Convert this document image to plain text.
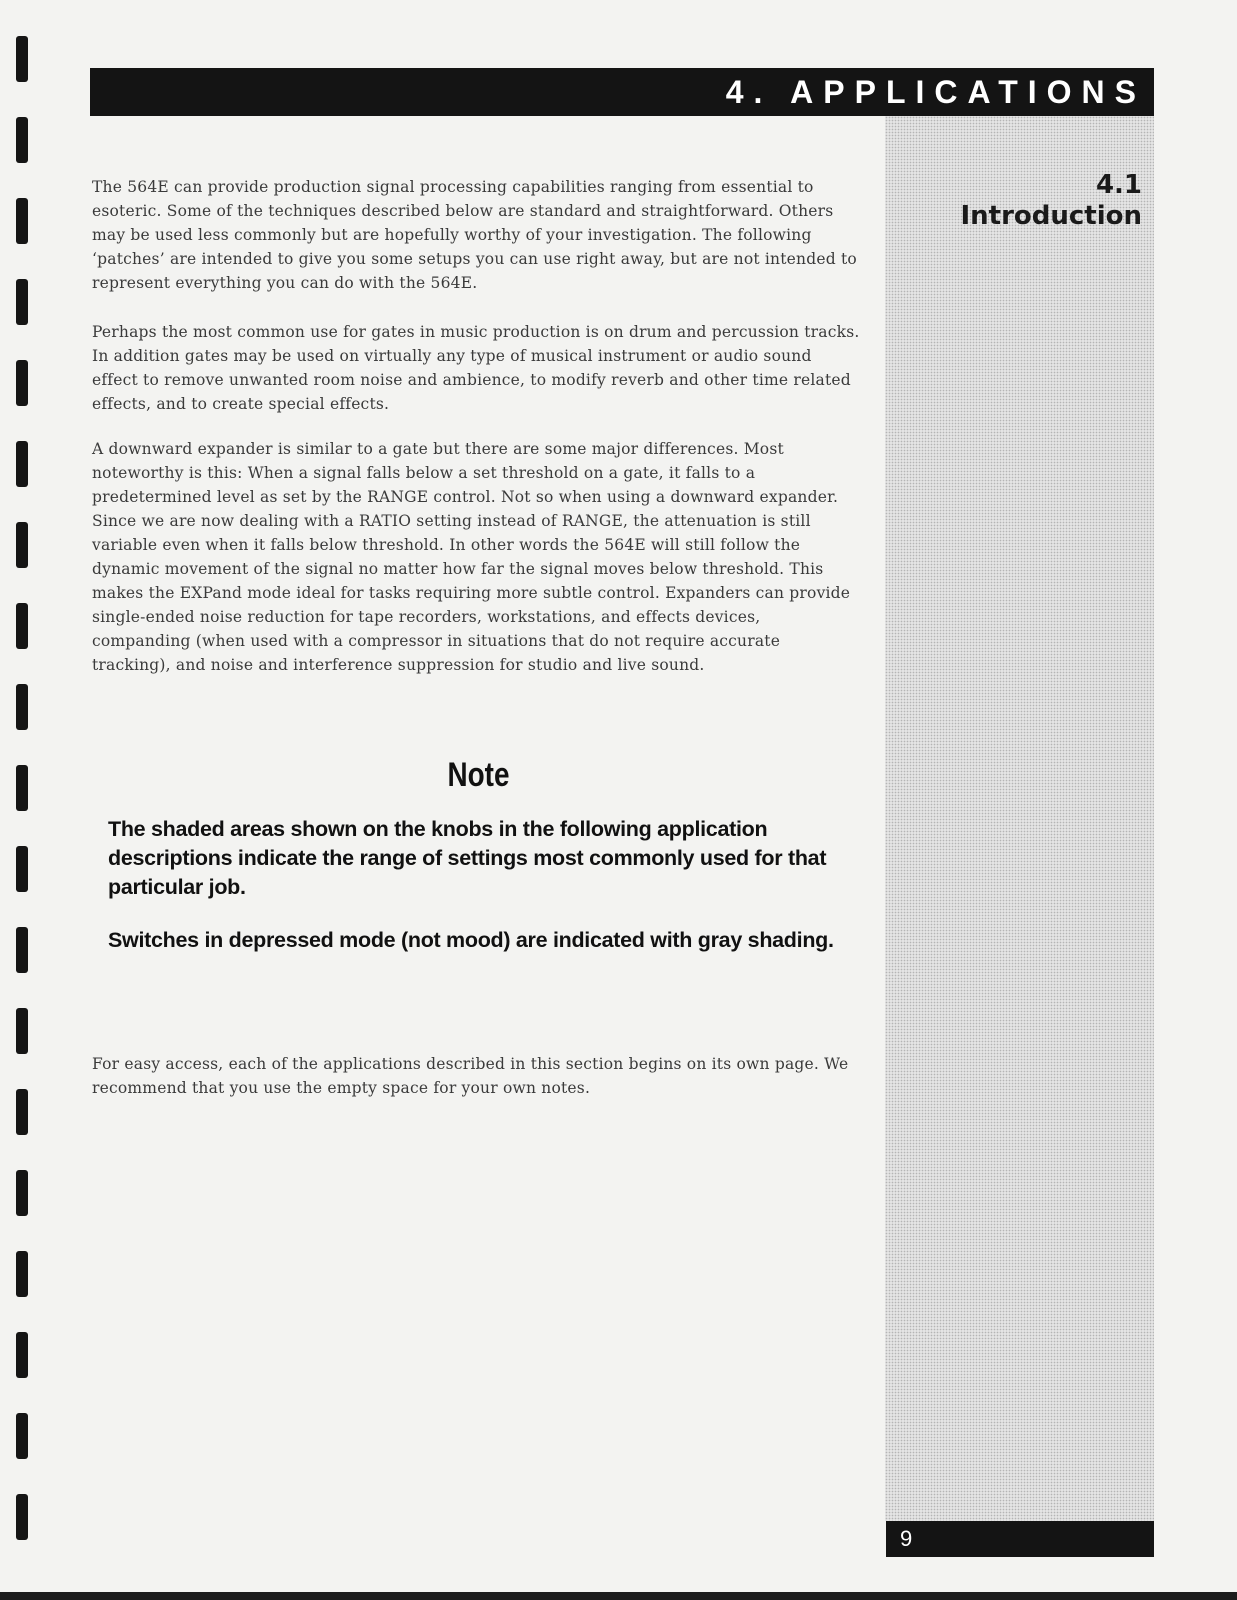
4. APPLICATIONS
4.1
Introduction

The 564E can provide production signal processing capabilities ranging from essential to esoteric. Some of the techniques described below are standard and straightforward. Others may be used less commonly but are hopefully worthy of your investigation. The following ‘patches’ are intended to give you some setups you can use right away, but are not intended to represent everything you can do with the 564E.

Perhaps the most common use for gates in music production is on drum and percussion tracks. In addition gates may be used on virtually any type of musical instrument or audio sound effect to remove unwanted room noise and ambience, to modify reverb and other time related effects, and to create special effects.

A downward expander is similar to a gate but there are some major differences. Most noteworthy is this: When a signal falls below a set threshold on a gate, it falls to a predetermined level as set by the RANGE control. Not so when using a downward expander. Since we are now dealing with a RATIO setting instead of RANGE, the attenuation is still variable even when it falls below threshold. In other words the 564E will still follow the dynamic movement of the signal no matter how far the signal moves below threshold. This makes the EXPand mode ideal for tasks requiring more subtle control. Expanders can provide single-ended noise reduction for tape recorders, workstations, and effects devices, companding (when used with a compressor in situations that do not require accurate tracking), and noise and interference suppression for studio and live sound.

Note

The shaded areas shown on the knobs in the following application descriptions indicate the range of settings most commonly used for that particular job.

Switches in depressed mode (not mood) are indicated with gray shading.

For easy access, each of the applications described in this section begins on its own page. We recommend that you use the empty space for your own notes.

9
